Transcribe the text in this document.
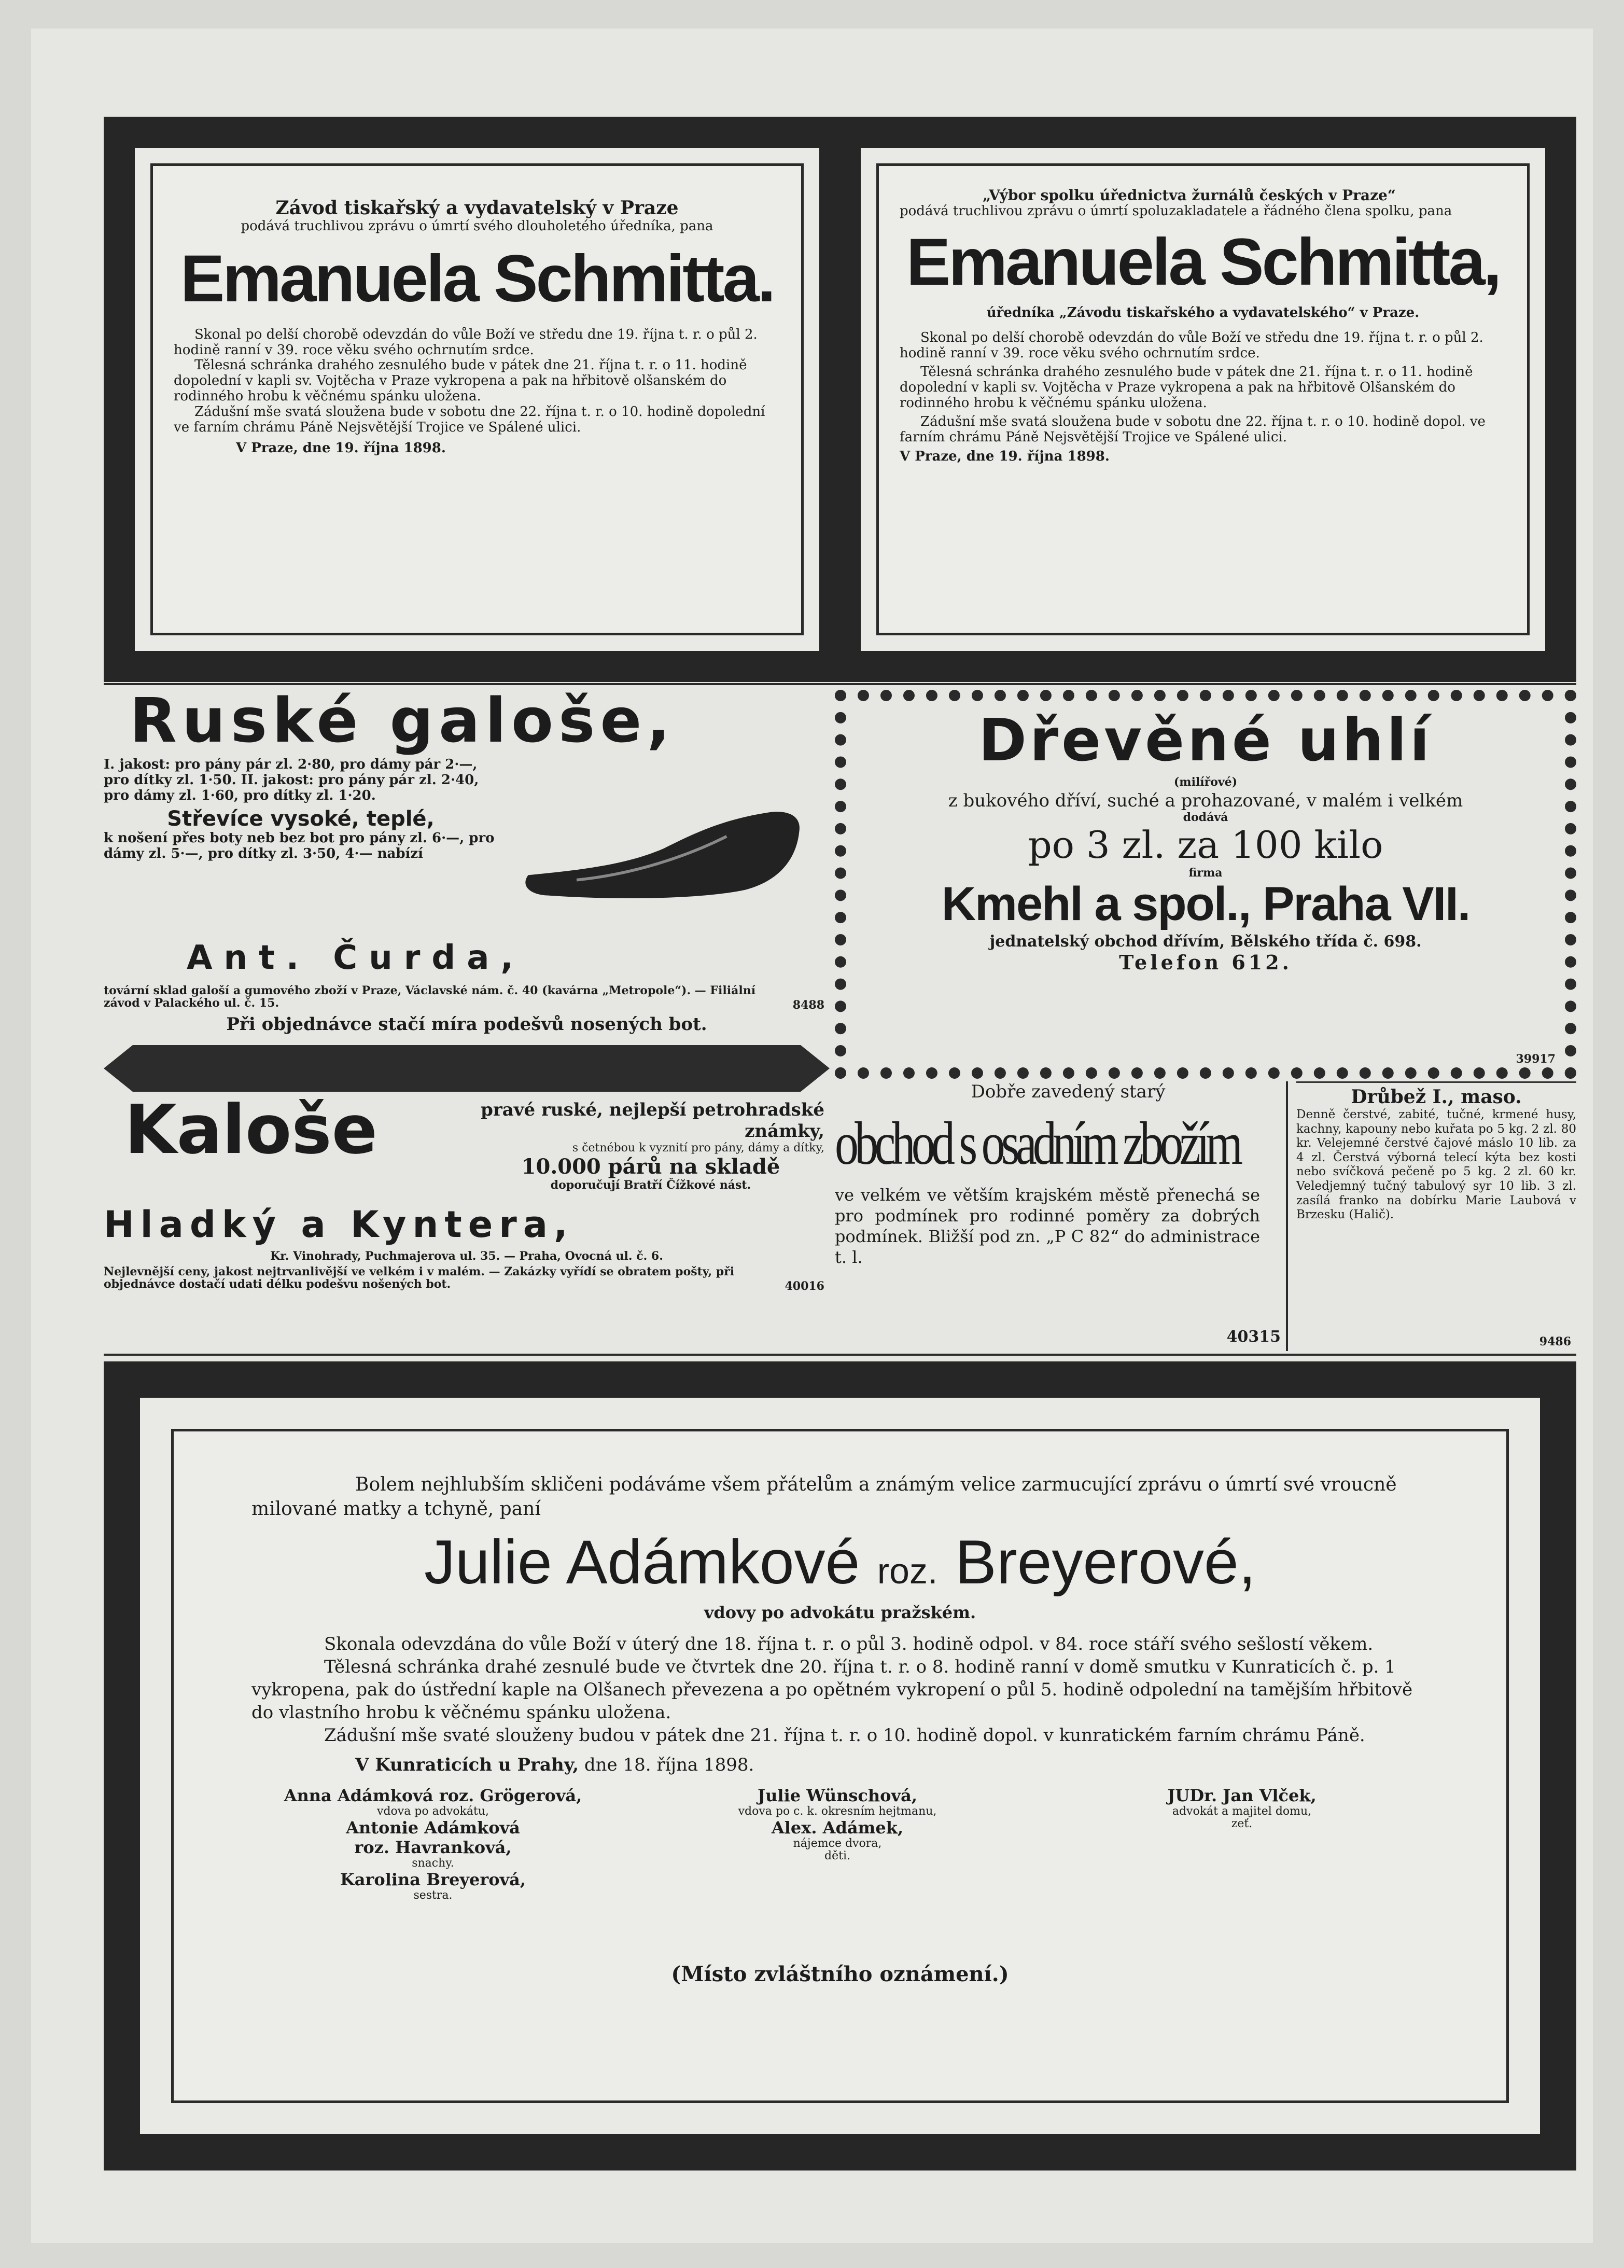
Závod tiskařský a vydavatelský v Praze

podává truchlivou zprávu o úmrtí svého dlouholetého úředníka, pana

Emanuela Schmitta.

Skonal po delší chorobě odevzdán do vůle Boží ve středu dne 19. října t. r. o půl 2. hodině ranní v 39. roce věku svého ochrnutím srdce.

Tělesná schránka drahého zesnulého bude v pátek dne 21. října t. r. o 11. hodině dopolední v kapli sv. Vojtěcha v Praze vykropena a pak na hřbitově olšanském do rodinného hrobu k věčnému spánku uložena.

Zádušní mše svatá sloužena bude v sobotu dne 22. října t. r. o 10. hodině dopolední ve farním chrámu Páně Nejsvětější Trojice ve Spálené ulici.

V Praze, dne 19. října 1898.

„Výbor spolku úřednictva žurnálů českých v Praze“

podává truchlivou zprávu o úmrtí spoluzakladatele a řádného člena spolku, pana

Emanuela Schmitta,

úředníka „Závodu tiskařského a vydavatelského“ v Praze.

Skonal po delší chorobě odevzdán do vůle Boží ve středu dne 19. října t. r. o půl 2. hodině ranní v 39. roce věku svého ochrnutím srdce.

Tělesná schránka drahého zesnulého bude v pátek dne 21. října t. r. o 11. hodině dopolední v kapli sv. Vojtěcha v Praze vykropena a pak na hřbitově Olšanském do rodinného hrobu k věčnému spánku uložena.

Zádušní mše svatá sloužena bude v sobotu dne 22. října t. r. o 10. hodině dopol. ve farním chrámu Páně Nejsvětější Trojice ve Spálené ulici.

V Praze, dne 19. října 1898.

Ruské galoše,

I. jakost: pro pány pár zl. 2·80, pro dámy pár 2·—, pro dítky zl. 1·50. II. jakost: pro pány pár zl. 2·40, pro dámy zl. 1·60, pro dítky zl. 1·20.

Střevíce vysoké, teplé,

k nošení přes boty neb bez bot pro pány zl. 6·—, pro dámy zl. 5·—, pro dítky zl. 3·50, 4·— nabízí

Ant. Čurda,

tovární sklad galoší a gumového zboží v Praze, Václavské nám. č. 40 (kavárna „Metropole“). — Filiální závod v Palackého ul. č. 15.	8488

Při objednávce stačí míra podešvů nosených bot.

Dřevěné uhlí

(milířové)

z bukového dříví, suché a prohazované, v malém i velkém

dodává

po 3 zl. za 100 kilo

firma

Kmehl a spol., Praha VII.

jednatelský obchod dřívím, Bělského třída č. 698.

Telefon 612.

39917

Kaloše	pravé ruské, nejlepší petrohradské známky,

s četnébou k vyznití pro pány, dámy a dítky,

10.000 párů na skladě

doporučují Bratří Čížkové nást.

Hladký a Kyntera,

Kr. Vinohrady, Puchmajerova ul. 35. — Praha, Ovocná ul. č. 6.

Nejlevnější ceny, jakost nejtrvanlivější ve velkém i v malém. — Zakázky vyřídí se obratem pošty, při objednávce dostačí udati délku podešvu nošených bot.	40016

Dobře zavedený starý

obchod s osadním zbožím

ve velkém ve větším krajském městě přenechá se pro podmínek pro rodinné poměry za dobrých podmínek. Bližší pod zn. „P C 82“ do administrace t. l.

40315

Drůbež I., maso.

Denně čerstvé, zabité, tučné, krmené husy, kachny, kapouny nebo kuřata po 5 kg. 2 zl. 80 kr. Velejemné čerstvé čajové máslo 10 lib. za 4 zl. Čerstvá výborná telecí kýta bez kosti nebo svíčková pečeně po 5 kg. 2 zl. 60 kr. Veledjemný tučný tabulový syr 10 lib. 3 zl. zasílá franko na dobírku Marie Laubová v Brzesku (Halič).

9486

Bolem nejhlubším skličeni podáváme všem přátelům a známým velice zarmucující zprávu o úmrtí své vroucně milované matky a tchyně, paní

Julie Adámkové roz. Breyerové,

vdovy po advokátu pražském.

Skonala odevzdána do vůle Boží v úterý dne 18. října t. r. o půl 3. hodině odpol. v 84. roce stáří svého sešlostí věkem.

Tělesná schránka drahé zesnulé bude ve čtvrtek dne 20. října t. r. o 8. hodině ranní v domě smutku v Kunraticích č. p. 1 vykropena, pak do ústřední kaple na Olšanech převezena a po opětném vykropení o půl 5. hodině odpolední na tamějším hřbitově do vlastního hrobu k věčnému spánku uložena.

Zádušní mše svaté slouženy budou v pátek dne 21. října t. r. o 10. hodině dopol. v kunratickém farním chrámu Páně.

V Kunraticích u Prahy, dne 18. října 1898.

Anna Adámková roz. Grögerová,

vdova po advokátu,

Antonie Adámková

roz. Havranková,

snachy.

Karolina Breyerová,

sestra.

Julie Wünschová,

vdova po c. k. okresním hejtmanu,

Alex. Adámek,

nájemce dvora,

děti.

JUDr. Jan Vlček,

advokát a majitel domu,

zeť.

(Místo zvláštního oznámení.)
